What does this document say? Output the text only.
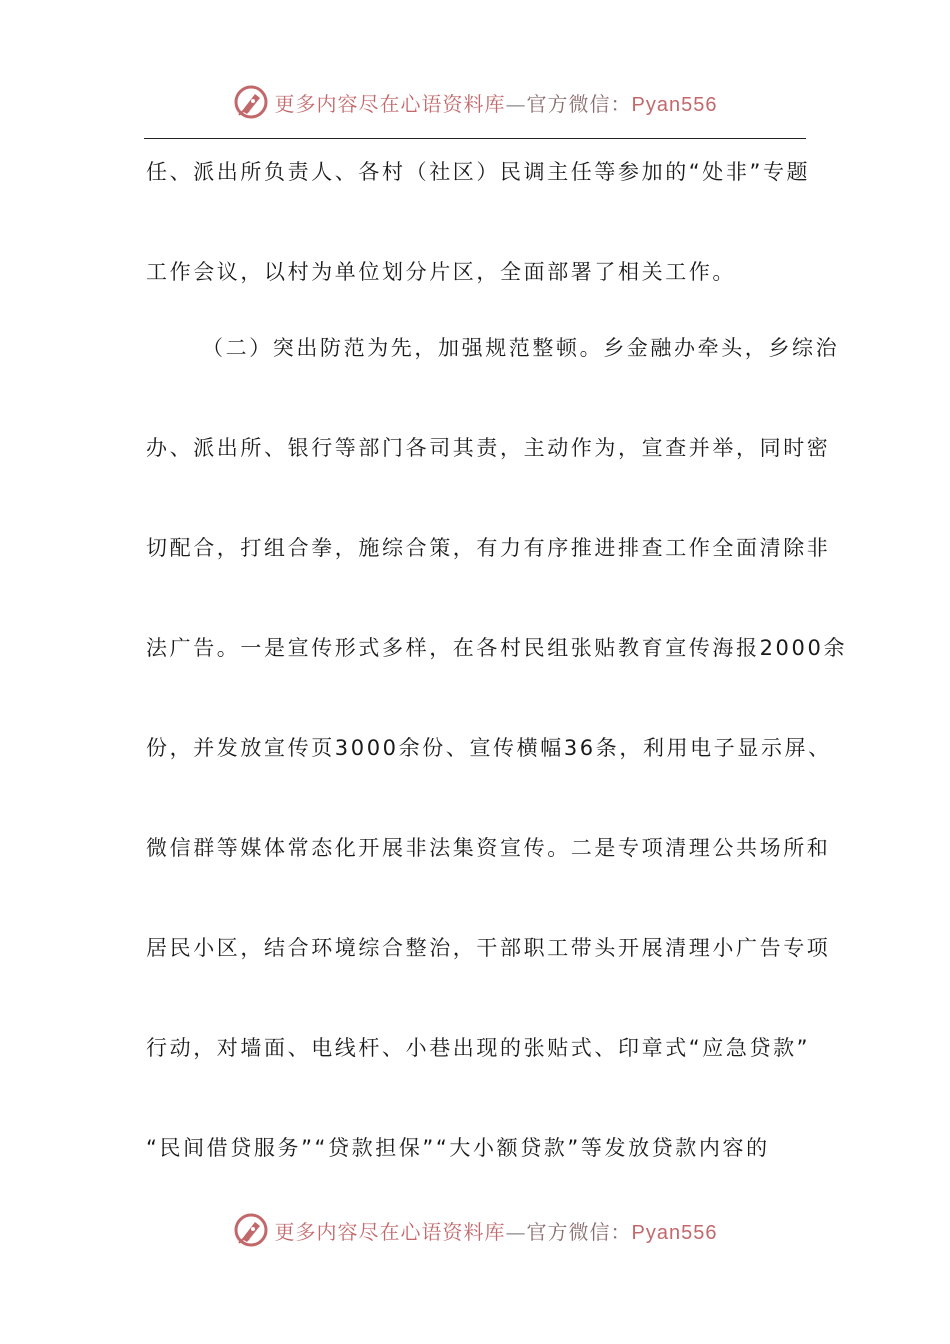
更多内容尽在心语资料库—官方微信：Pyan556
任、派出所负责人、各村（社区）民调主任等参加的“处非”专题
工作会议，以村为单位划分片区，全面部署了相关工作。
（二）突出防范为先，加强规范整顿。乡金融办牵头，乡综治
办、派出所、银行等部门各司其责，主动作为，宣查并举，同时密
切配合，打组合拳，施综合策，有力有序推进排查工作全面清除非
法广告。一是宣传形式多样，在各村民组张贴教育宣传海报2000余
份，并发放宣传页3000余份、宣传横幅36条，利用电子显示屏、
微信群等媒体常态化开展非法集资宣传。二是专项清理公共场所和
居民小区，结合环境综合整治，干部职工带头开展清理小广告专项
行动，对墙面、电线杆、小巷出现的张贴式、印章式“应急贷款”
“民间借贷服务”“贷款担保”“大小额贷款”等发放贷款内容的
更多内容尽在心语资料库—官方微信：Pyan556
